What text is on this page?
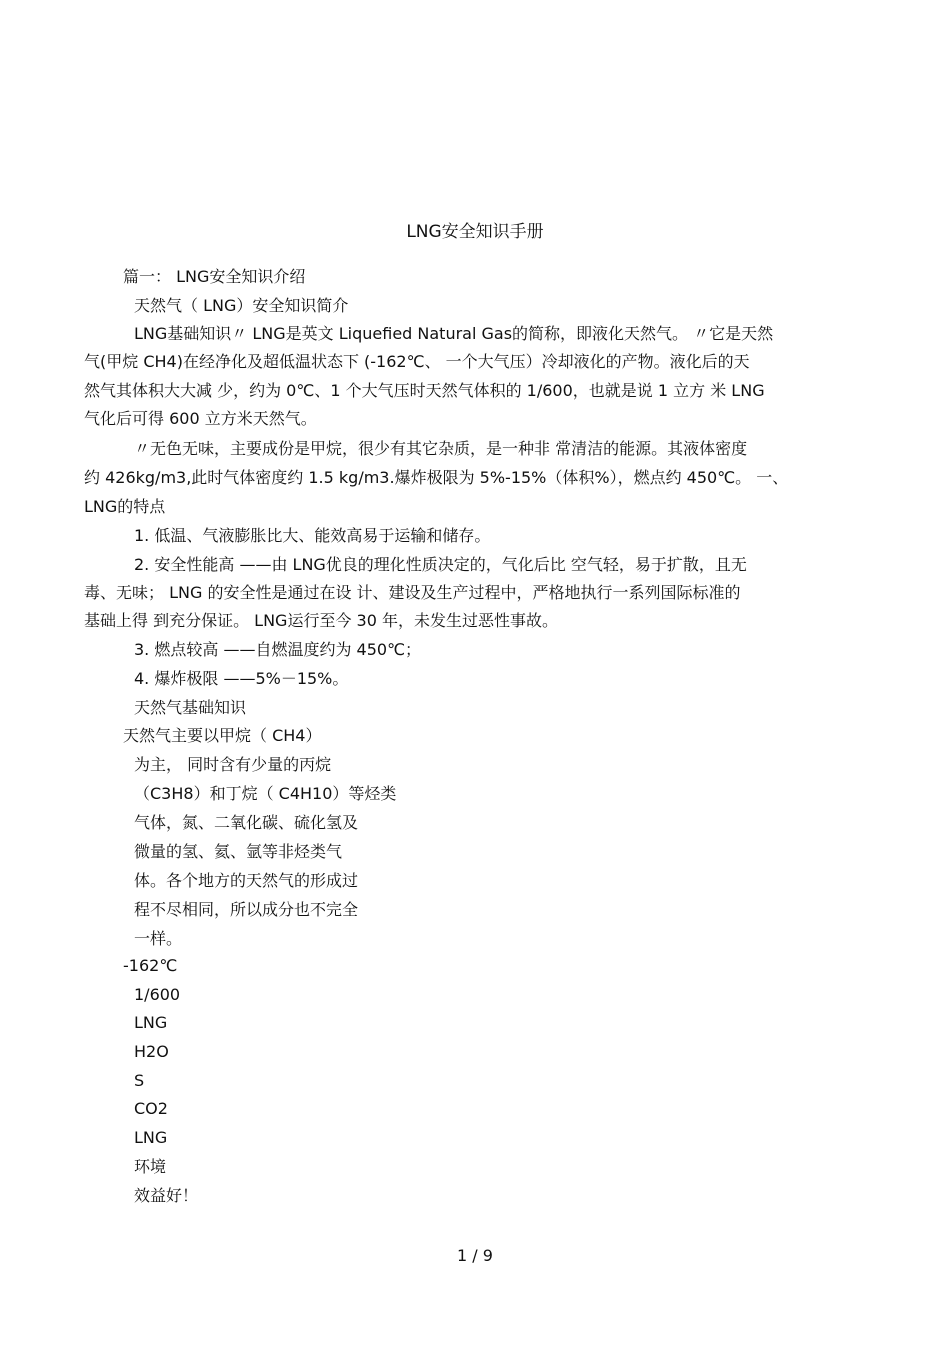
LNG安全知识手册
篇一： LNG安全知识介绍
天然气（ LNG）安全知识简介
LNG基础知识〃 LNG是英文 Liquefied Natural Gas的简称，即液化天然气。 〃它是天然
气(甲烷 CH4)在经净化及超低温状态下 (-162℃、 一个大气压）冷却液化的产物。液化后的天
然气其体积大大减 少，约为 0℃、1 个大气压时天然气体积的 1/600，也就是说 1 立方 米 LNG
气化后可得 600 立方米天然气。
〃无色无味，主要成份是甲烷，很少有其它杂质，是一种非 常清洁的能源。其液体密度
约 426kg/m3,此时气体密度约 1.5 kg/m3.爆炸极限为 5%-15%（体积%），燃点约 450℃。 一、
LNG的特点
1. 低温、气液膨胀比大、能效高易于运输和储存。
2. 安全性能高 ——由 LNG优良的理化性质决定的，气化后比 空气轻，易于扩散，且无
毒、无味； LNG 的安全性是通过在设 计、建设及生产过程中，严格地执行一系列国际标准的
基础上得 到充分保证。 LNG运行至今 30 年，未发生过恶性事故。
3. 燃点较高 ——自燃温度约为 450℃；
4. 爆炸极限 ——5%－15%。
天然气基础知识
天然气主要以甲烷（ CH4）
为主， 同时含有少量的丙烷
（C3H8）和丁烷（ C4H10）等烃类
气体，氮、二氧化碳、硫化氢及
微量的氢、氦、氩等非烃类气
体。各个地方的天然气的形成过
程不尽相同，所以成分也不完全
一样。
-162℃
1/600
LNG
H2O
S
CO2
LNG
环境
效益好！
1 / 9
